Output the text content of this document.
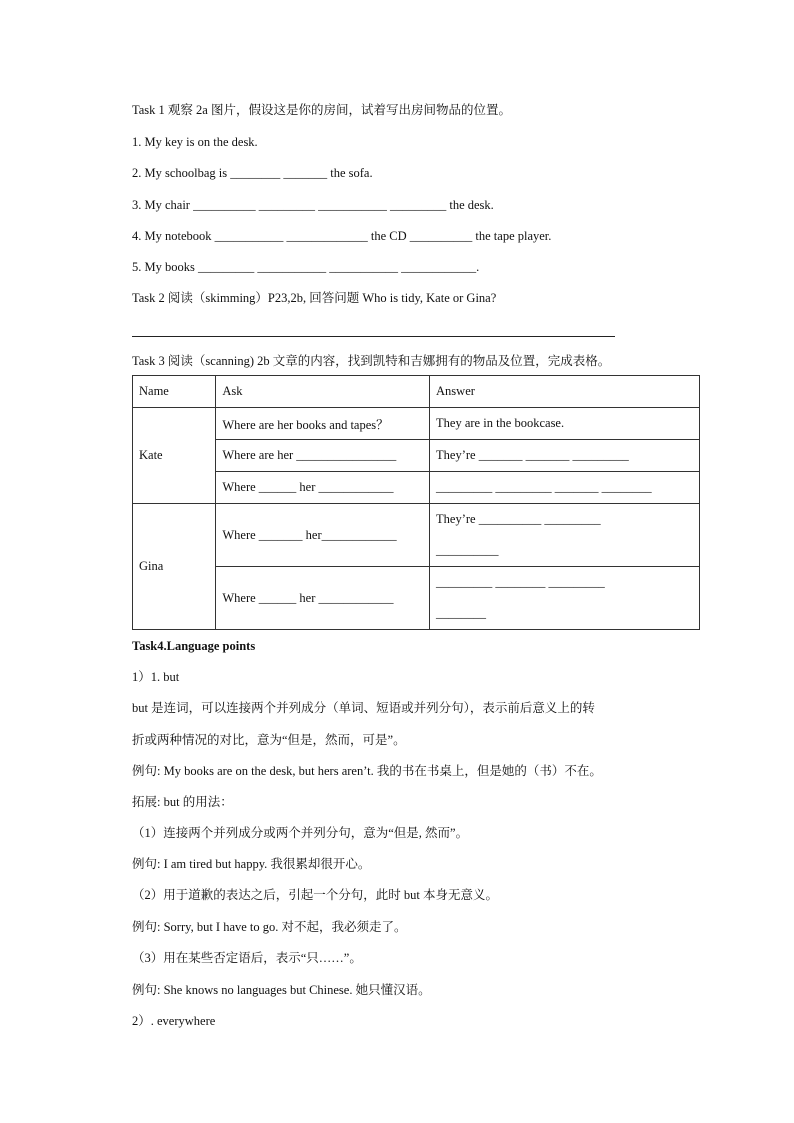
Task 1 观察 2a 图片，假设这是你的房间，试着写出房间物品的位置。
1. My key is on the desk.
2. My schoolbag is ________ _______ the sofa.
3. My chair __________ _________ ___________ _________ the desk.
4. My notebook ___________ _____________ the CD __________ the tape player.
5. My books _________ ___________ ___________ ____________.
Task 2 阅读（skimming）P23,2b, 回答问题 Who is tidy, Kate or Gina?
Task 3 阅读（scanning) 2b 文章的内容，找到凯特和吉娜拥有的物品及位置，完成表格。
Name	Ask	Answer
Kate	Where are her books and tapes？	They are in the bookcase.
	Where are her ________________	They’re _______ _______ _________
	Where ______ her ____________	_________ _________ _______ ________
Gina	Where _______ her____________	They’re __________ _________
__________

	Where ______ her ____________	_________ ________ _________
________
Task4.Language points
1）1. but
but 是连词，可以连接两个并列成分（单词、短语或并列分句），表示前后意义上的转
折或两种情况的对比，意为“但是，然而，可是”。
例句: My books are on the desk, but hers aren’t. 我的书在书桌上，但是她的（书）不在。
拓展: but 的用法：
（1）连接两个并列成分或两个并列分句，意为“但是, 然而”。
例句: I am tired but happy. 我很累却很开心。
（2）用于道歉的表达之后，引起一个分句，此时 but 本身无意义。
例句: Sorry, but I have to go. 对不起，我必须走了。
（3）用在某些否定语后，表示“只……”。
例句: She knows no languages but Chinese. 她只懂汉语。
2）. everywhere
